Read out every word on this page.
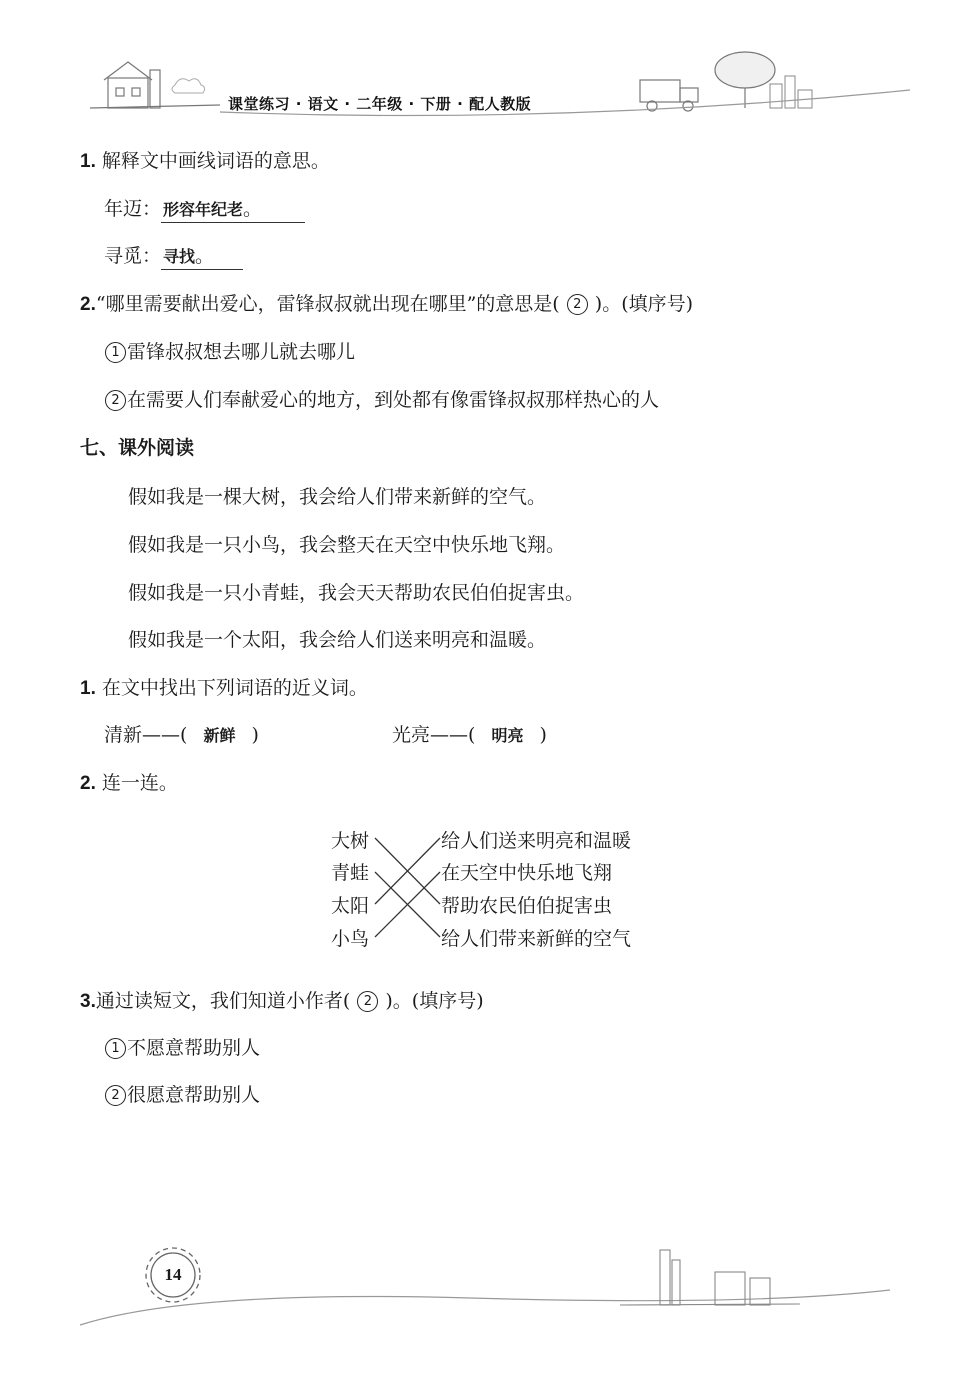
课堂练习 · 语文 · 二年级 · 下册 · 配人教版
1. 解释文中画线词语的意思。
年迈： 形容年纪老。
寻觅： 寻找。
2.“哪里需要献出爱心，雷锋叔叔就出现在哪里”的意思是( 2 )。(填序号)
1 雷锋叔叔想去哪儿就去哪儿
2 在需要人们奉献爱心的地方，到处都有像雷锋叔叔那样热心的人
七、课外阅读
假如我是一棵大树，我会给人们带来新鲜的空气。
假如我是一只小鸟，我会整天在天空中快乐地飞翔。
假如我是一只小青蛙，我会天天帮助农民伯伯捉害虫。
假如我是一个太阳，我会给人们送来明亮和温暖。
1. 在文中找出下列词语的近义词。
清新——( 新鲜 )	光亮——( 明亮 )
2. 连一连。
大树
青蛙
太阳
小鸟
给人们送来明亮和温暖
在天空中快乐地飞翔
帮助农民伯伯捉害虫
给人们带来新鲜的空气
3.通过读短文，我们知道小作者( 2 )。(填序号)
1 不愿意帮助别人
2 很愿意帮助别人
14
